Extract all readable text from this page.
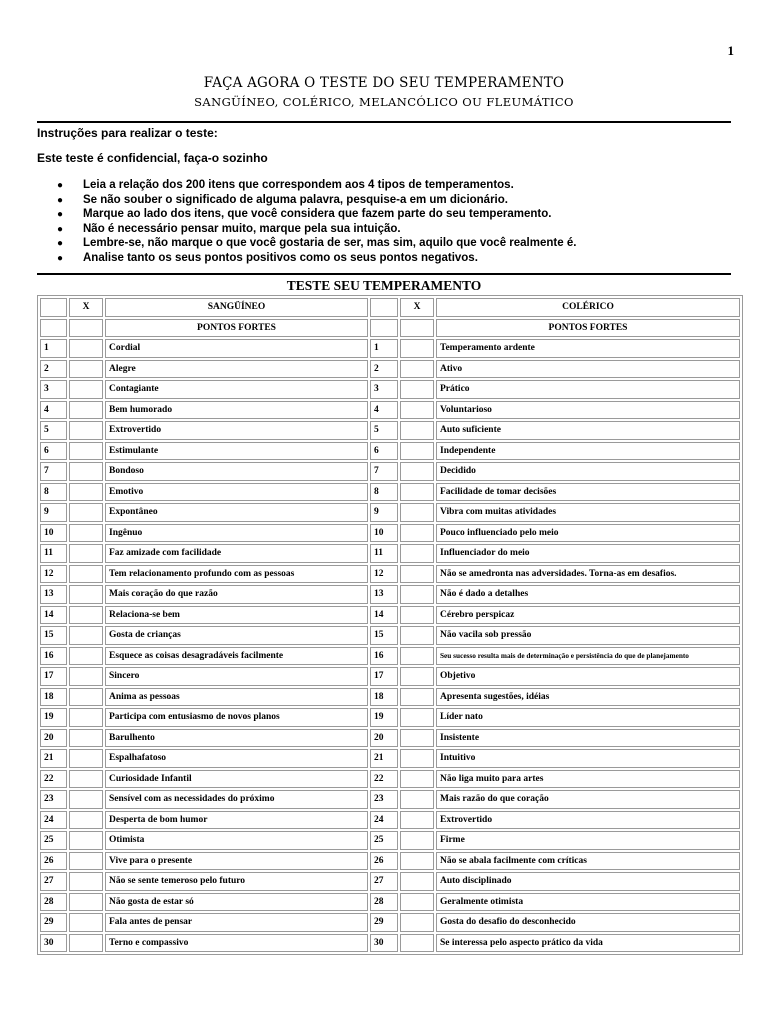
1
FAÇA AGORA O TESTE DO SEU TEMPERAMENTO
SANGÜÍNEO, COLÉRICO, MELANCÓLICO OU FLEUMÁTICO
Instruções para realizar o teste:
Este teste é confidencial, faça-o sozinho
● Leia a relação dos 200 itens que correspondem aos 4 tipos de temperamentos.
● Se não souber o significado de alguma palavra, pesquise-a em um dicionário.
● Marque ao lado dos itens, que você considera que fazem parte do seu temperamento.
● Não é necessário pensar muito, marque pela sua intuição.
● Lembre-se, não marque o que você gostaria de ser, mas sim, aquilo que você realmente é.
● Analise tanto os seus pontos positivos como os seus pontos negativos.
TESTE SEU TEMPERAMENTO
	X	SANGÜÍNEO		X	COLÉRICO
		PONTOS FORTES			PONTOS FORTES
1		Cordial	1		Temperamento ardente
2		Alegre	2		Ativo
3		Contagiante	3		Prático
4		Bem humorado	4		Voluntarioso
5		Extrovertido	5		Auto suficiente
6		Estimulante	6		Independente
7		Bondoso	7		Decidido
8		Emotivo	8		Facilidade de tomar decisões
9		Expontâneo	9		Vibra com muitas atividades
10		Ingênuo	10		Pouco influenciado pelo meio
11		Faz amizade com facilidade	11		Influenciador do meio
12		Tem relacionamento profundo com as pessoas	12		Não se amedronta nas adversidades. Torna-as em desafios.
13		Mais coração do que razão	13		Não é dado a detalhes
14		Relaciona-se bem	14		Cérebro perspicaz
15		Gosta de crianças	15		Não vacila sob pressão
16		Esquece as coisas desagradáveis facilmente	16		Seu sucesso resulta mais de determinação e persistência do que de planejamento
17		Sincero	17		Objetivo
18		Anima as pessoas	18		Apresenta sugestões, idéias
19		Participa com entusiasmo de novos planos	19		Líder nato
20		Barulhento	20		Insistente
21		Espalhafatoso	21		Intuitivo
22		Curiosidade Infantil	22		Não liga muito para artes
23		Sensível com as necessidades do próximo	23		Mais razão do que coração
24		Desperta de bom humor	24		Extrovertido
25		Otimista	25		Firme
26		Vive para o presente	26		Não se abala facilmente com críticas
27		Não se sente temeroso pelo futuro	27		Auto disciplinado
28		Não gosta de estar só	28		Geralmente otimista
29		Fala antes de pensar	29		Gosta do desafio do desconhecido
30		Terno e compassivo	30		Se interessa pelo aspecto prático da vida
